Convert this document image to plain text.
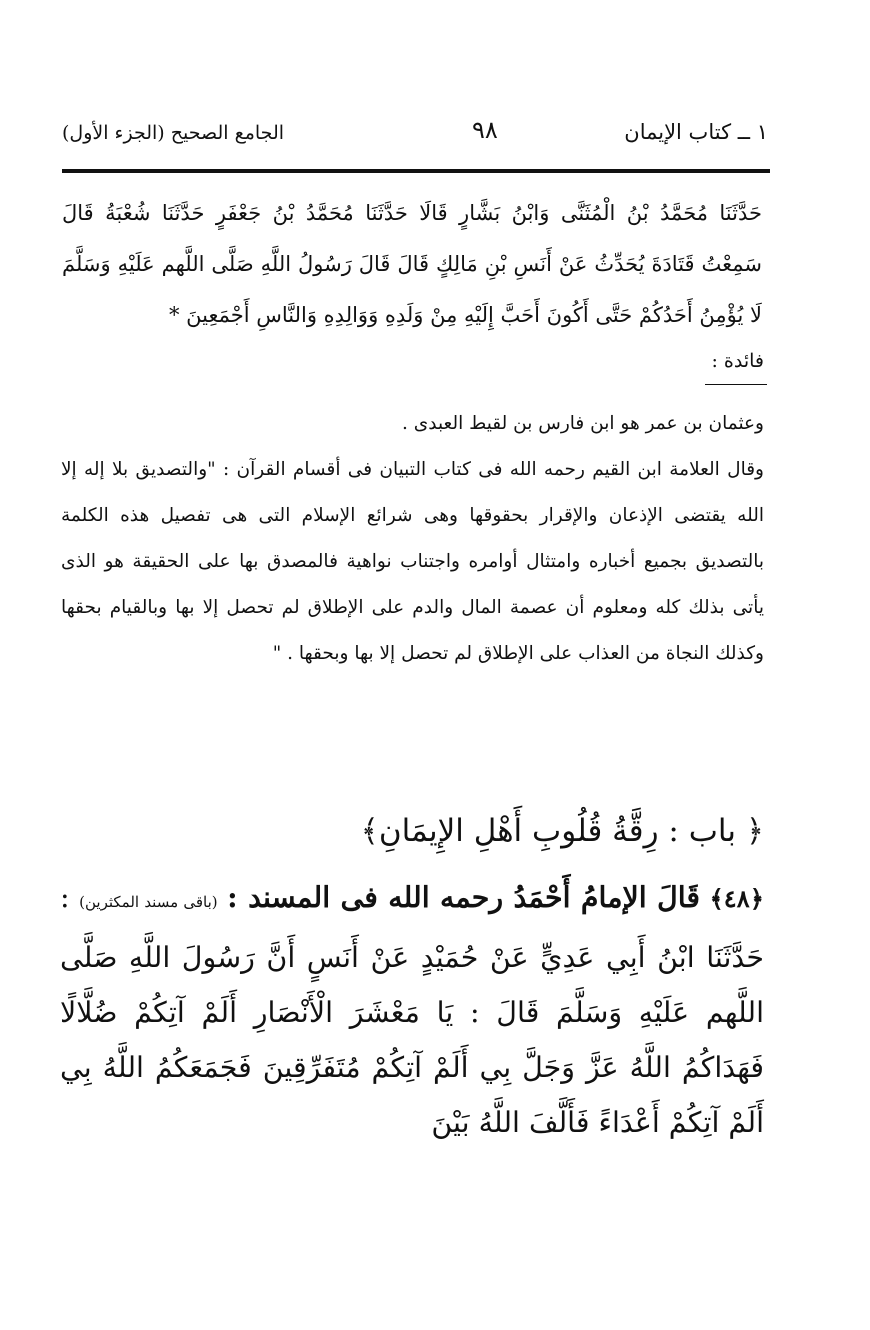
١ ــ كتاب الإيمان
٩٨
الجامع الصحيح (الجزء الأول)

حَدَّثَنَا مُحَمَّدُ بْنُ الْمُثَنَّى وَابْنُ بَشَّارٍ قَالَا حَدَّثَنَا مُحَمَّدُ بْنُ جَعْفَرٍ حَدَّثَنَا شُعْبَةُ قَالَ سَمِعْتُ قَتَادَةَ يُحَدِّثُ عَنْ أَنَسِ بْنِ مَالِكٍ قَالَ قَالَ رَسُولُ اللَّهِ صَلَّى اللَّهم عَلَيْهِ وَسَلَّمَ لَا يُؤْمِنُ أَحَدُكُمْ حَتَّى أَكُونَ أَحَبَّ إِلَيْهِ مِنْ وَلَدِهِ وَوَالِدِهِ وَالنَّاسِ أَجْمَعِينَ *

فائدة :

وعثمان بن عمر هو ابن فارس بن لقيط العبدى .

وقال العلامة ابن القيم رحمه الله فى كتاب التبيان فى أقسام القرآن : "والتصديق بلا إله إلا الله يقتضى الإذعان والإقرار بحقوقها وهى شرائع الإسلام التى هى تفصيل هذه الكلمة بالتصديق بجميع أخباره وامتثال أوامره واجتناب نواهية فالمصدق بها على الحقيقة هو الذى يأتى بذلك كله ومعلوم أن عصمة المال والدم على الإطلاق لم تحصل إلا بها وبالقيام بحقها وكذلك النجاة من العذاب على الإطلاق لم تحصل إلا بها وبحقها . "

﴿ باب : رِقَّةُ قُلُوبِ أَهْلِ الإِيمَانِ﴾
﴿٤٨﴾ قَالَ الإمامُ أَحْمَدُ رحمه الله فى المسند : (باقى مسند المكثرين) : حَدَّثَنَا ابْنُ أَبِي عَدِيٍّ عَنْ حُمَيْدٍ عَنْ أَنَسٍ أَنَّ رَسُولَ اللَّهِ صَلَّى اللَّهم عَلَيْهِ وَسَلَّمَ قَالَ : يَا مَعْشَرَ الْأَنْصَارِ أَلَمْ آتِكُمْ ضُلَّالًا فَهَدَاكُمُ اللَّهُ عَزَّ وَجَلَّ بِي أَلَمْ آتِكُمْ مُتَفَرِّقِينَ فَجَمَعَكُمُ اللَّهُ بِي أَلَمْ آتِكُمْ أَعْدَاءً فَأَلَّفَ اللَّهُ بَيْنَ
